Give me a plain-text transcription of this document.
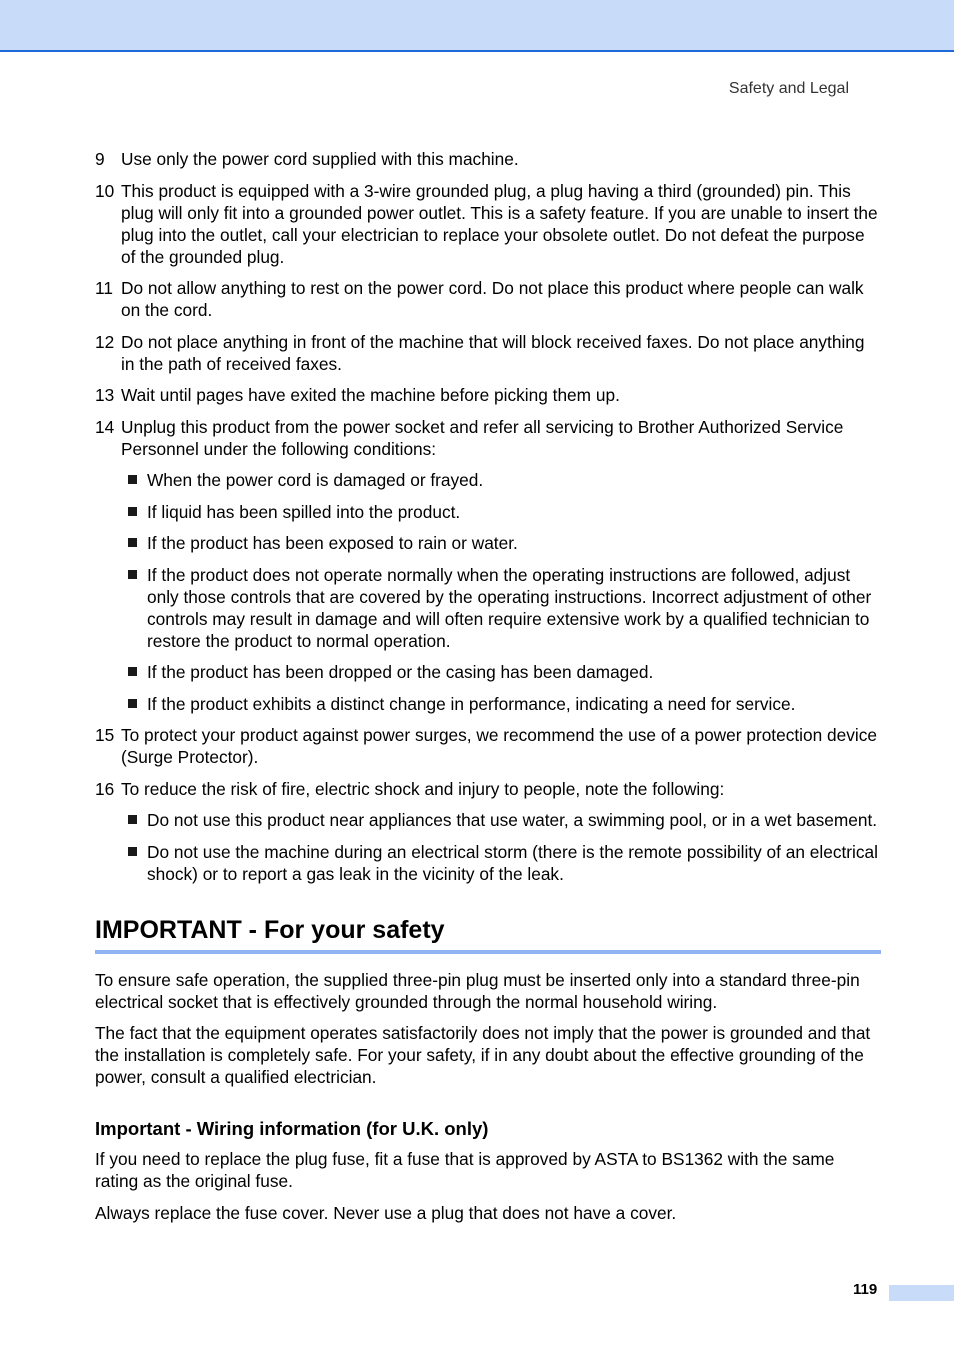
Safety and Legal
9 Use only the power cord supplied with this machine.
10 This product is equipped with a 3-wire grounded plug, a plug having a third (grounded) pin. This plug will only fit into a grounded power outlet. This is a safety feature. If you are unable to insert the plug into the outlet, call your electrician to replace your obsolete outlet. Do not defeat the purpose of the grounded plug.
11 Do not allow anything to rest on the power cord. Do not place this product where people can walk on the cord.
12 Do not place anything in front of the machine that will block received faxes. Do not place anything in the path of received faxes.
13 Wait until pages have exited the machine before picking them up.
14 Unplug this product from the power socket and refer all servicing to Brother Authorized Service Personnel under the following conditions:
When the power cord is damaged or frayed.
If liquid has been spilled into the product.
If the product has been exposed to rain or water.
If the product does not operate normally when the operating instructions are followed, adjust only those controls that are covered by the operating instructions. Incorrect adjustment of other controls may result in damage and will often require extensive work by a qualified technician to restore the product to normal operation.
If the product has been dropped or the casing has been damaged.
If the product exhibits a distinct change in performance, indicating a need for service.
15 To protect your product against power surges, we recommend the use of a power protection device (Surge Protector).
16 To reduce the risk of fire, electric shock and injury to people, note the following:
Do not use this product near appliances that use water, a swimming pool, or in a wet basement.
Do not use the machine during an electrical storm (there is the remote possibility of an electrical shock) or to report a gas leak in the vicinity of the leak.
IMPORTANT - For your safety

To ensure safe operation, the supplied three-pin plug must be inserted only into a standard three-pin electrical socket that is effectively grounded through the normal household wiring.

The fact that the equipment operates satisfactorily does not imply that the power is grounded and that the installation is completely safe. For your safety, if in any doubt about the effective grounding of the power, consult a qualified electrician.

Important - Wiring information (for U.K. only)

If you need to replace the plug fuse, fit a fuse that is approved by ASTA to BS1362 with the same rating as the original fuse.

Always replace the fuse cover. Never use a plug that does not have a cover.

119
